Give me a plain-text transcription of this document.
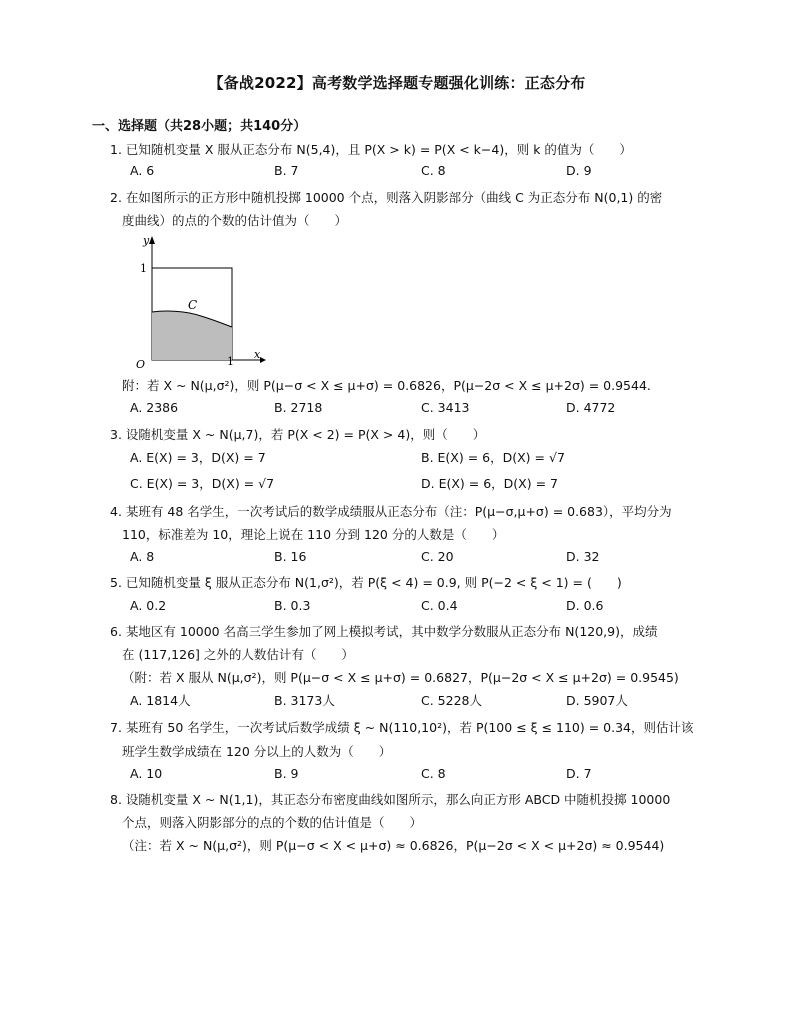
【备战2022】高考数学选择题专题强化训练：正态分布
一、选择题（共28小题；共140分）
1. 已知随机变量 X 服从正态分布 N(5,4)，且 P(X > k) = P(X < k−4)，则 k 的值为（　　）
A. 6	B. 7	C. 8	D. 9
2. 在如图所示的正方形中随机投掷 10000 个点，则落入阴影部分（曲线 C 为正态分布 N(0,1) 的密
度曲线）的点的个数的估计值为（　　）
y
x
O
1
1
C
附：若 X ~ N(μ,σ²)，则 P(μ−σ < X ≤ μ+σ) = 0.6826，P(μ−2σ < X ≤ μ+2σ) = 0.9544.
A. 2386	B. 2718	C. 3413	D. 4772
3. 设随机变量 X ~ N(μ,7)，若 P(X < 2) = P(X > 4)，则（　　）
A. E(X) = 3，D(X) = 7	B. E(X) = 6，D(X) = √7
C. E(X) = 3，D(X) = √7	D. E(X) = 6，D(X) = 7
4. 某班有 48 名学生，一次考试后的数学成绩服从正态分布（注：P(μ−σ,μ+σ) = 0.683），平均分为
110，标准差为 10，理论上说在 110 分到 120 分的人数是（　　）
A. 8	B. 16	C. 20	D. 32
5. 已知随机变量 ξ 服从正态分布 N(1,σ²)，若 P(ξ < 4) = 0.9, 则 P(−2 < ξ < 1) = (　　)
A. 0.2	B. 0.3	C. 0.4	D. 0.6
6. 某地区有 10000 名高三学生参加了网上模拟考试，其中数学分数服从正态分布 N(120,9)，成绩
在 (117,126] 之外的人数估计有（　　）
（附：若 X 服从 N(μ,σ²)，则 P(μ−σ < X ≤ μ+σ) = 0.6827，P(μ−2σ < X ≤ μ+2σ) = 0.9545)
A. 1814人	B. 3173人	C. 5228人	D. 5907人
7. 某班有 50 名学生，一次考试后数学成绩 ξ ~ N(110,10²)，若 P(100 ≤ ξ ≤ 110) = 0.34，则估计该
班学生数学成绩在 120 分以上的人数为（　　）
A. 10	B. 9	C. 8	D. 7
8. 设随机变量 X ~ N(1,1)，其正态分布密度曲线如图所示，那么向正方形 ABCD 中随机投掷 10000
个点，则落入阴影部分的点的个数的估计值是（　　）
（注：若 X ~ N(μ,σ²)，则 P(μ−σ < X < μ+σ) ≈ 0.6826，P(μ−2σ < X < μ+2σ) ≈ 0.9544)
